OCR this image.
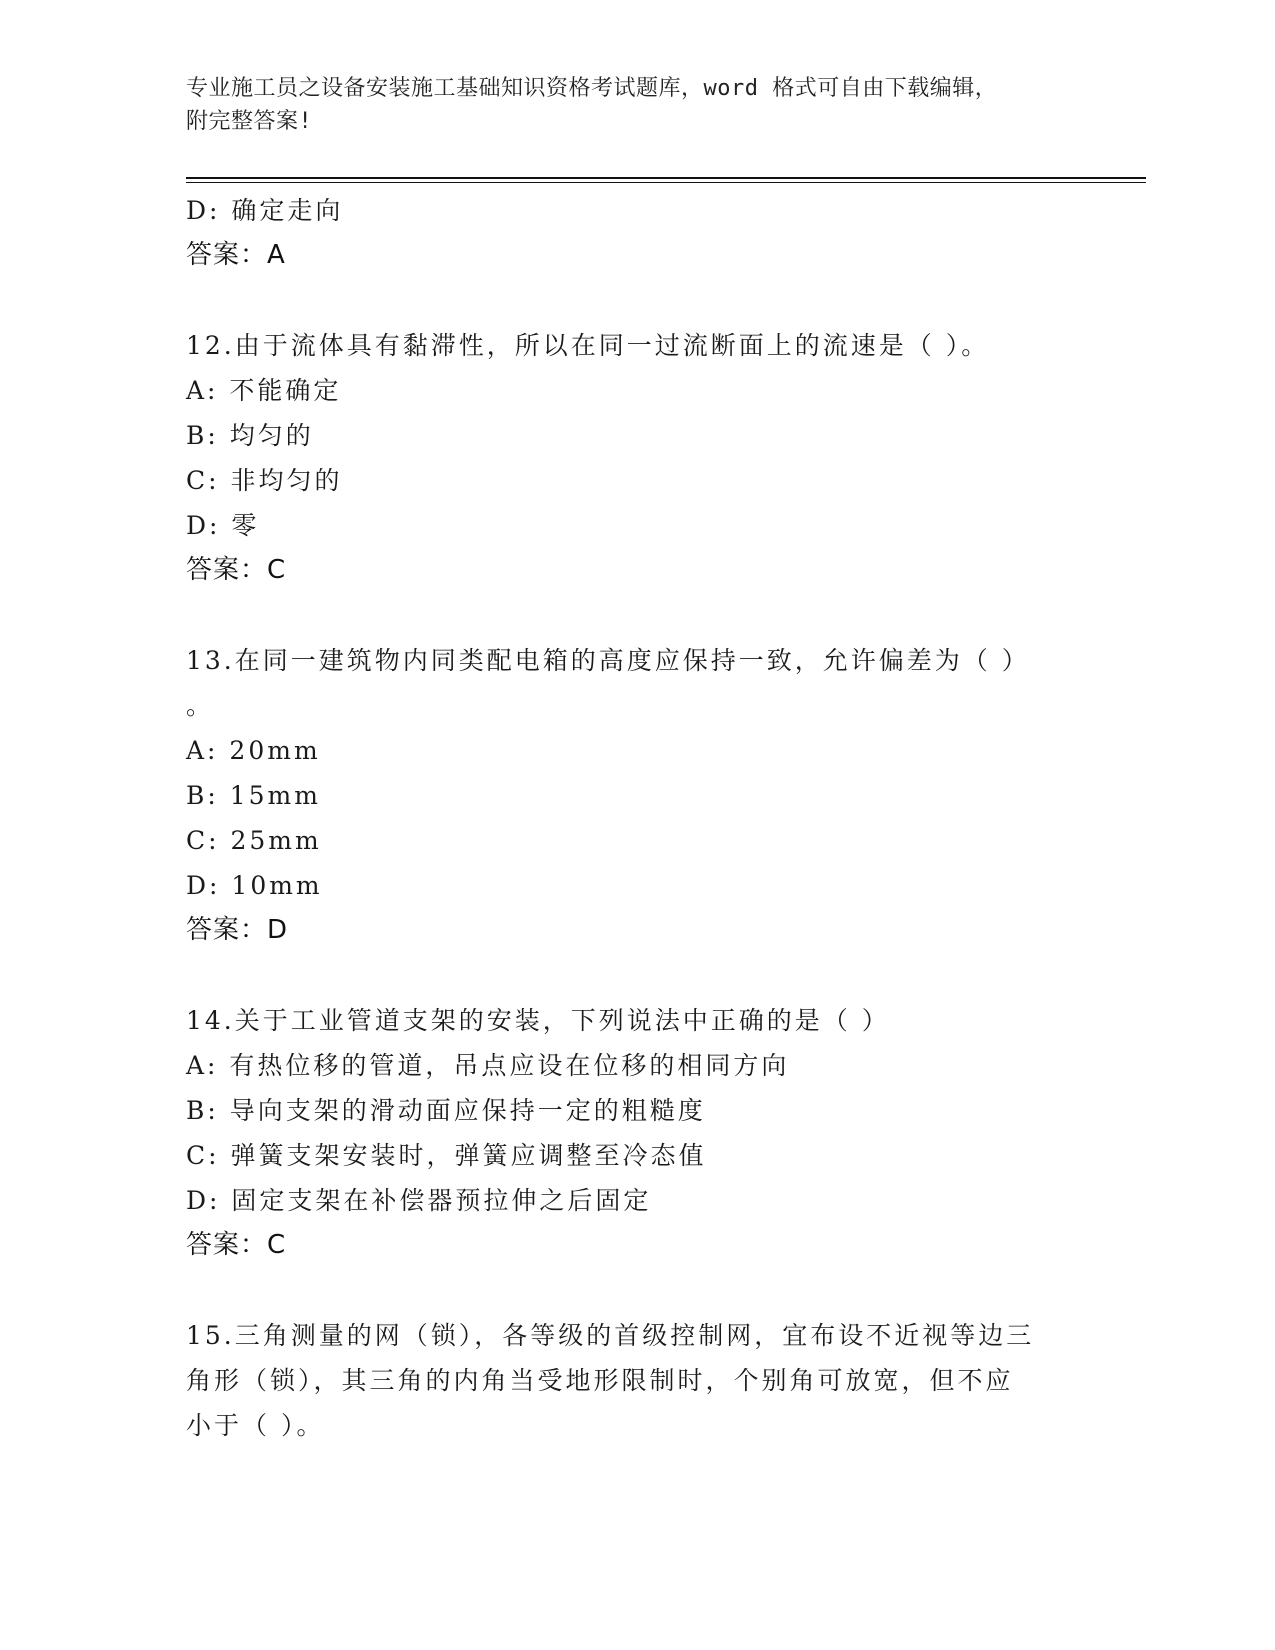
专业施工员之设备安装施工基础知识资格考试题库，word 格式可自由下载编辑，
附完整答案!
D: 确定走向
答案：A
12.由于流体具有黏滞性，所以在同一过流断面上的流速是（ ）。
A: 不能确定
B: 均匀的
C: 非均匀的
D: 零
答案：C
13.在同一建筑物内同类配电箱的高度应保持一致，允许偏差为（ ）
。
A: 20mm
B: 15mm
C: 25mm
D: 10mm
答案：D
14.关于工业管道支架的安装，下列说法中正确的是（ ）
A: 有热位移的管道，吊点应设在位移的相同方向
B: 导向支架的滑动面应保持一定的粗糙度
C: 弹簧支架安装时，弹簧应调整至冷态值
D: 固定支架在补偿器预拉伸之后固定
答案：C
15.三角测量的网（锁），各等级的首级控制网，宜布设不近视等边三
角形（锁），其三角的内角当受地形限制时，个别角可放宽，但不应
小于（ ）。
